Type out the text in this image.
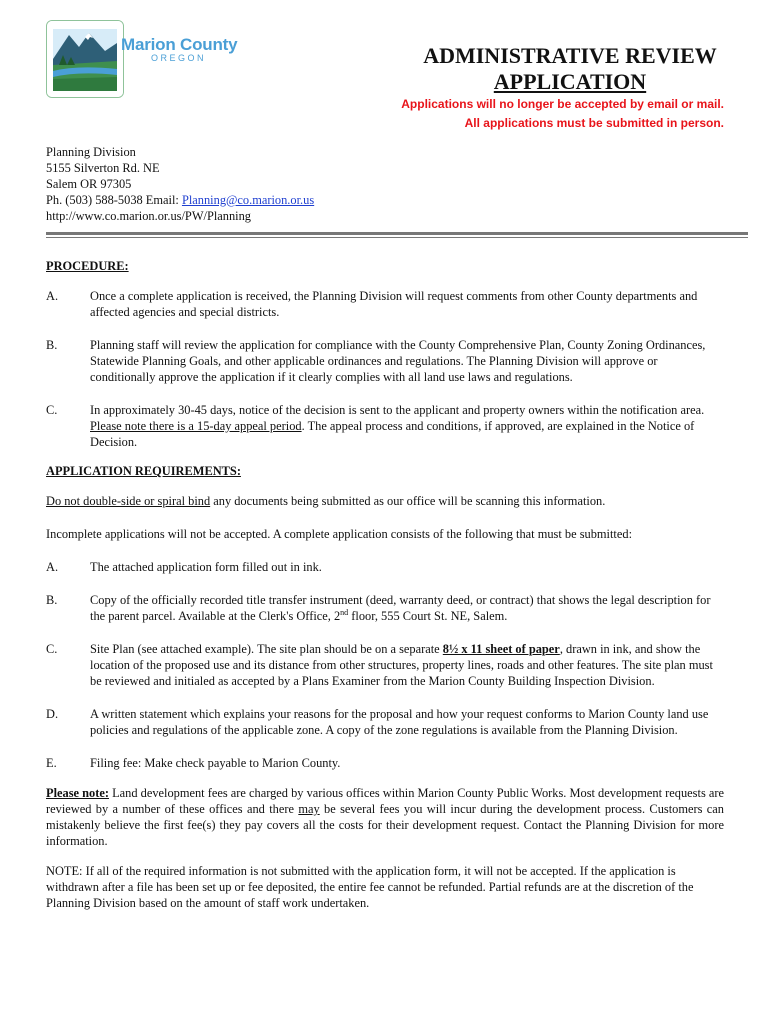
Marion County
OREGON	ADMINISTRATIVE REVIEW
APPLICATION
Applications will no longer be accepted by email or mail.
All applications must be submitted in person.
Planning Division
5155 Silverton Rd. NE
Salem OR 97305
Ph. (503) 588-5038 Email: Planning@co.marion.or.us
http://www.co.marion.or.us/PW/Planning
PROCEDURE:
A.	Once a complete application is received, the Planning Division will request comments from other County departments and affected agencies and special districts.
B.	Planning staff will review the application for compliance with the County Comprehensive Plan, County Zoning Ordinances, Statewide Planning Goals, and other applicable ordinances and regulations. The Planning Division will approve or conditionally approve the application if it clearly complies with all land use laws and regulations.
C.	In approximately 30-45 days, notice of the decision is sent to the applicant and property owners within the notification area. Please note there is a 15-day appeal period. The appeal process and conditions, if approved, are explained in the Notice of Decision.
APPLICATION REQUIREMENTS:
Do not double-side or spiral bind any documents being submitted as our office will be scanning this information.
Incomplete applications will not be accepted. A complete application consists of the following that must be submitted:
A.	The attached application form filled out in ink.
B.	Copy of the officially recorded title transfer instrument (deed, warranty deed, or contract) that shows the legal description for the parent parcel. Available at the Clerk's Office, 2nd floor, 555 Court St. NE, Salem.
C.	Site Plan (see attached example). The site plan should be on a separate 8½ x 11 sheet of paper, drawn in ink, and show the location of the proposed use and its distance from other structures, property lines, roads and other features. The site plan must be reviewed and initialed as accepted by a Plans Examiner from the Marion County Building Inspection Division.
D.	A written statement which explains your reasons for the proposal and how your request conforms to Marion County land use policies and regulations of the applicable zone. A copy of the zone regulations is available from the Planning Division.
E.	Filing fee: Make check payable to Marion County.
Please note: Land development fees are charged by various offices within Marion County Public Works. Most development requests are reviewed by a number of these offices and there may be several fees you will incur during the development process. Customers can mistakenly believe the first fee(s) they pay covers all the costs for their development request. Contact the Planning Division for more information.
NOTE: If all of the required information is not submitted with the application form, it will not be accepted. If the application is withdrawn after a file has been set up or fee deposited, the entire fee cannot be refunded. Partial refunds are at the discretion of the Planning Division based on the amount of staff work undertaken.
